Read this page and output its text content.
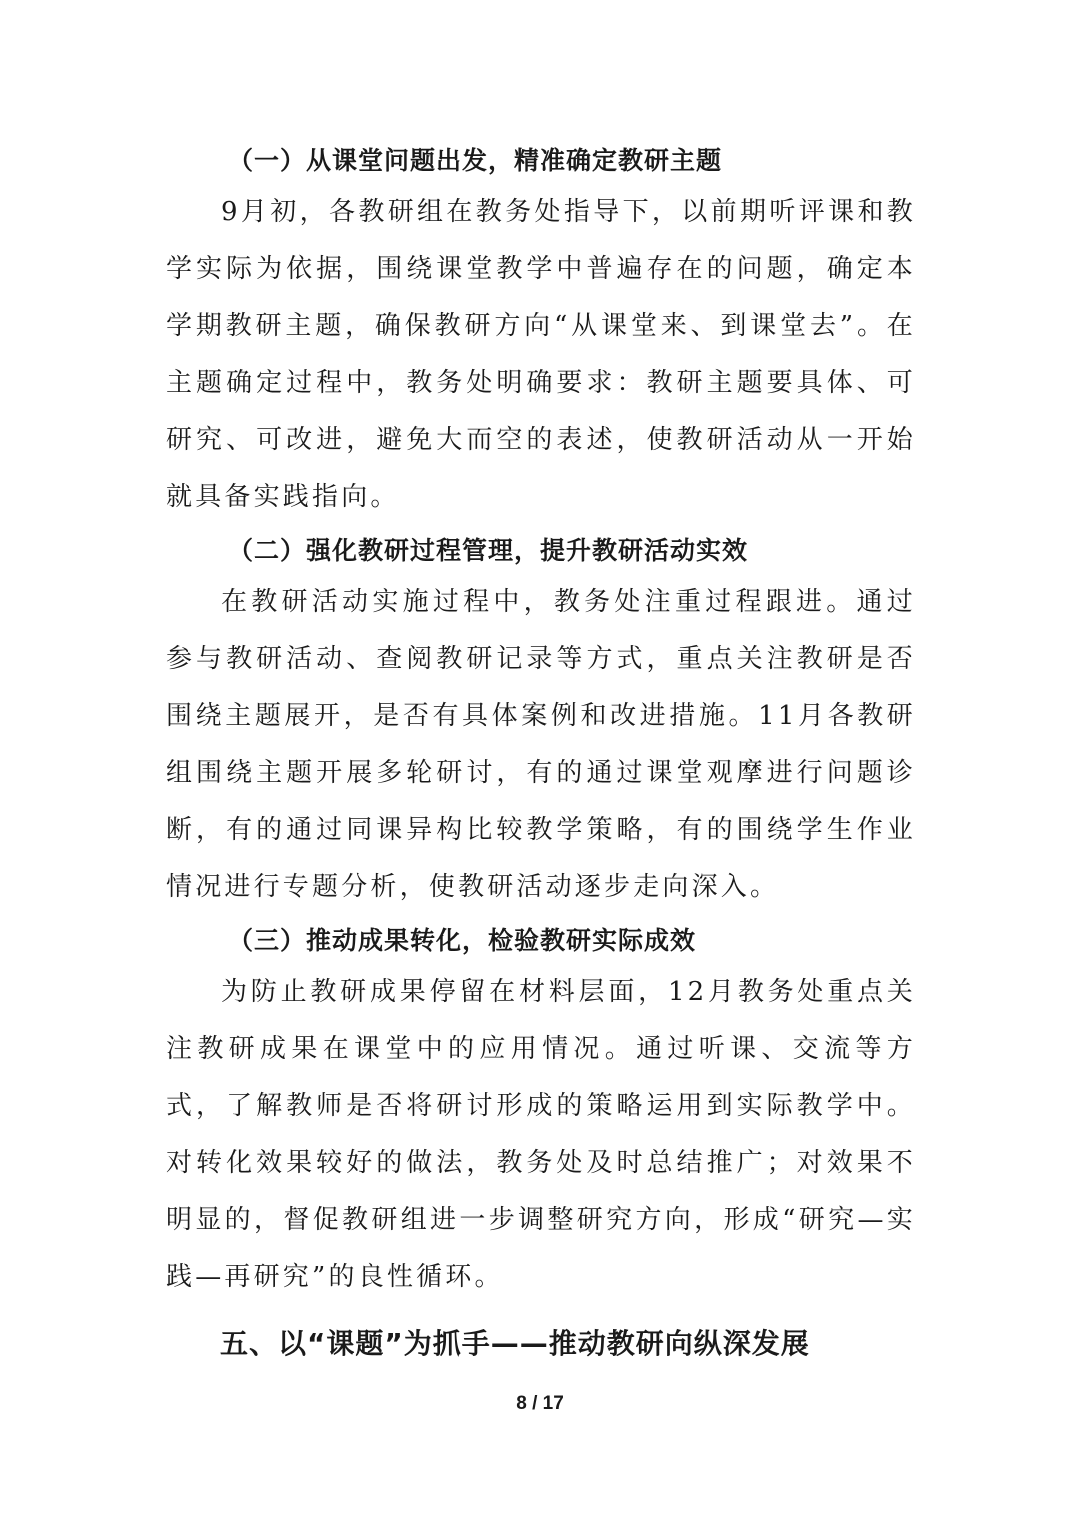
（一）从课堂问题出发，精准确定教研主题

9月初，各教研组在教务处指导下，以前期听评课和教学实际为依据，围绕课堂教学中普遍存在的问题，确定本学期教研主题，确保教研方向“从课堂来、到课堂去”。在主题确定过程中，教务处明确要求：教研主题要具体、可研究、可改进，避免大而空的表述，使教研活动从一开始就具备实践指向。

（二）强化教研过程管理，提升教研活动实效

在教研活动实施过程中，教务处注重过程跟进。通过参与教研活动、查阅教研记录等方式，重点关注教研是否围绕主题展开，是否有具体案例和改进措施。11月各教研组围绕主题开展多轮研讨，有的通过课堂观摩进行问题诊断，有的通过同课异构比较教学策略，有的围绕学生作业情况进行专题分析，使教研活动逐步走向深入。

（三）推动成果转化，检验教研实际成效

为防止教研成果停留在材料层面，12月教务处重点关注教研成果在课堂中的应用情况。通过听课、交流等方式，了解教师是否将研讨形成的策略运用到实际教学中。对转化效果较好的做法，教务处及时总结推广；对效果不明显的，督促教研组进一步调整研究方向，形成“研究—实践—再研究”的良性循环。

五、以“课题”为抓手——推动教研向纵深发展
8 / 17
